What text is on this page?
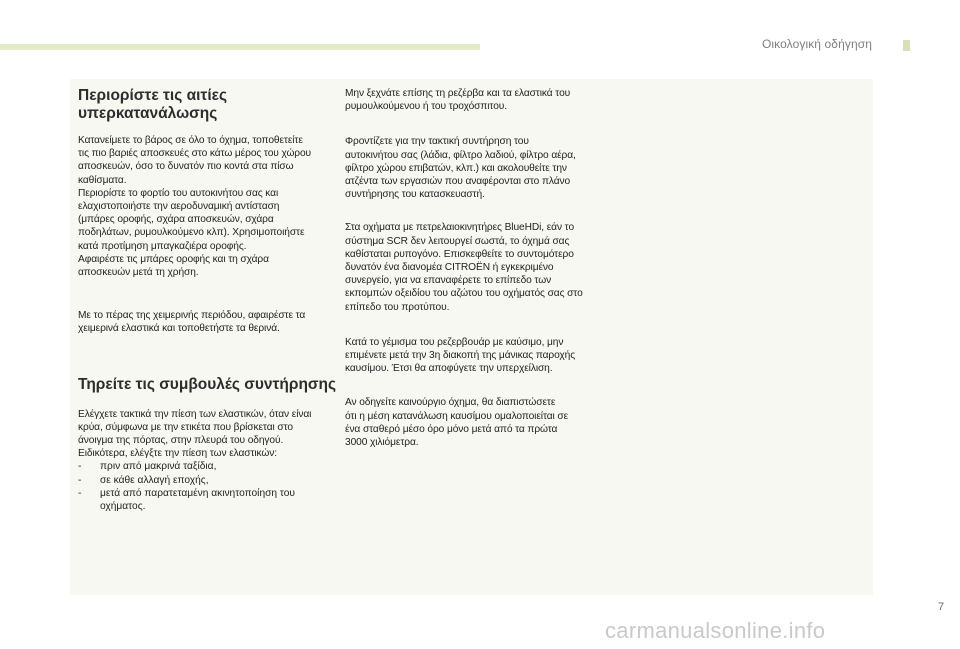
Οικολογική οδήγηση
Περιορίστε τις αιτίες
υπερκατανάλωσης

Κατανείμετε το βάρος σε όλο το όχημα, τοποθετείτε
τις πιο βαριές αποσκευές στο κάτω μέρος του χώρου
αποσκευών, όσο το δυνατόν πιο κοντά στα πίσω
καθίσματα.
Περιορίστε το φορτίο του αυτοκινήτου σας και
ελαχιστοποιήστε την αεροδυναμική αντίσταση
(μπάρες οροφής, σχάρα αποσκευών, σχάρα
ποδηλάτων, ρυμουλκούμενο κλπ). Χρησιμοποιήστε
κατά προτίμηση μπαγκαζιέρα οροφής.
Αφαιρέστε τις μπάρες οροφής και τη σχάρα
αποσκευών μετά τη χρήση.

Με το πέρας της χειμερινής περιόδου, αφαιρέστε τα
χειμερινά ελαστικά και τοποθετήστε τα θερινά.

Τηρείτε τις συμβουλές συντήρησης

Ελέγχετε τακτικά την πίεση των ελαστικών, όταν είναι
κρύα, σύμφωνα με την ετικέτα που βρίσκεται στο
άνοιγμα της πόρτας, στην πλευρά του οδηγού.
Ειδικότερα, ελέγξτε την πίεση των ελαστικών:

- πριν από μακρινά ταξίδια,
- σε κάθε αλλαγή εποχής,
- μετά από παρατεταμένη ακινητοποίηση του
οχήματος.

Μην ξεχνάτε επίσης τη ρεζέρβα και τα ελαστικά του
ρυμουλκούμενου ή του τροχόσπιτου.

Φροντίζετε για την τακτική συντήρηση του
αυτοκινήτου σας (λάδια, φίλτρο λαδιού, φίλτρο αέρα,
φίλτρο χώρου επιβατών, κλπ.) και ακολουθείτε την
ατζέντα των εργασιών που αναφέρονται στο πλάνο
συντήρησης του κατασκευαστή.

Στα οχήματα με πετρελαιοκινητήρες BlueHDi, εάν το
σύστημα SCR δεν λειτουργεί σωστά, το όχημά σας
καθίσταται ρυπογόνο. Επισκεφθείτε το συντομότερο
δυνατόν ένα διανομέα CITROËN ή εγκεκριμένο
συνεργείο, για να επαναφέρετε το επίπεδο των
εκπομπών οξειδίου του αζώτου του οχήματός σας στο
επίπεδο του προτύπου.

Κατά το γέμισμα του ρεζερβουάρ με καύσιμο, μην
επιμένετε μετά την 3η διακοπή της μάνικας παροχής
καυσίμου. Έτσι θα αποφύγετε την υπερχείλιση.

Αν οδηγείτε καινούργιο όχημα, θα διαπιστώσετε
ότι η μέση κατανάλωση καυσίμου ομαλοποιείται σε
ένα σταθερό μέσο όρο μόνο μετά από τα πρώτα
3000 χιλιόμετρα.

7
carmanualsonline.info
